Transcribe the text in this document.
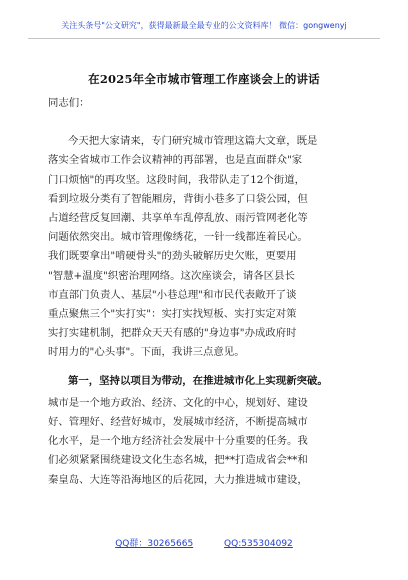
关注头条号"公文研究"，获得最新最全最专业的公文资料库！ 微信：gongwenyj
在2025年全市城市管理工作座谈会上的讲话

同志们：

今天把大家请来，专门研究城市管理这篇大文章，既是

落实全省城市工作会议精神的再部署，也是直面群众"家

门口烦恼"的再攻坚。这段时间，我带队走了12个街道，

看到垃圾分类有了智能厢房，背街小巷多了口袋公园，但

占道经营反复回潮、共享单车乱停乱放、雨污管网老化等

问题依然突出。城市管理像绣花，一针一线都连着民心。

我们既要拿出"啃硬骨头"的劲头破解历史欠账，更要用

"智慧+温度"织密治理网络。这次座谈会，请各区县长

市直部门负责人、基层"小巷总理"和市民代表敞开了谈

重点聚焦三个"实打实"：实打实找短板、实打实定对策

实打实建机制，把群众天天有感的"身边事"办成政府时

时用力的"心头事"。下面，我讲三点意见。

第一，坚持以项目为带动，在推进城市化上实现新突破。

城市是一个地方政治、经济、文化的中心，规划好、建设

好、管理好、经营好城市，发展城市经济，不断提高城市

化水平，是一个地方经济社会发展中十分重要的任务。我

们必须紧紧围绕建设文化生态名城，把**打造成省会**和

秦皇岛、大连等沿海地区的后花园，大力推进城市建设，

QQ群：30265665	QQ:535304092
